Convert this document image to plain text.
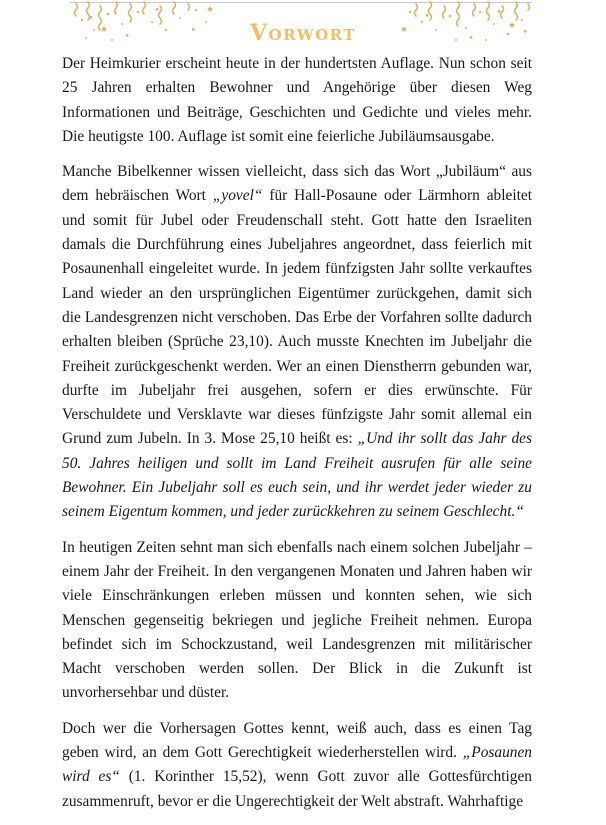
Vorwort

Der Heimkurier erscheint heute in der hundertsten Auflage. Nun schon seit 25 Jahren erhalten Bewohner und Angehörige über diesen Weg Informationen und Beiträge, Geschichten und Gedichte und vieles mehr. Die heutigste 100. Auflage ist somit eine feierliche Jubiläumsausgabe.

Manche Bibelkenner wissen vielleicht, dass sich das Wort „Jubiläum“ aus dem hebräischen Wort „yovel“ für Hall-Posaune oder Lärmhorn ableitet und somit für Jubel oder Freudenschall steht. Gott hatte den Israeliten damals die Durchführung eines Jubeljahres angeordnet, dass feierlich mit Posaunenhall eingeleitet wurde. In jedem fünfzigsten Jahr sollte verkauftes Land wieder an den ursprünglichen Eigentümer zurückgehen, damit sich die Landesgrenzen nicht verschoben. Das Erbe der Vorfahren sollte dadurch erhalten bleiben (Sprüche 23,10). Auch musste Knechten im Jubeljahr die Freiheit zurückgeschenkt werden. Wer an einen Dienstherrn gebunden war, durfte im Jubeljahr frei ausgehen, sofern er dies erwünschte. Für Verschuldete und Versklavte war dieses fünfzigste Jahr somit allemal ein Grund zum Jubeln. In 3. Mose 25,10 heißt es: „Und ihr sollt das Jahr des 50. Jahres heiligen und sollt im Land Freiheit ausrufen für alle seine Bewohner. Ein Jubeljahr soll es euch sein, und ihr werdet jeder wieder zu seinem Eigentum kommen, und jeder zurückkehren zu seinem Geschlecht.“

In heutigen Zeiten sehnt man sich ebenfalls nach einem solchen Jubeljahr – einem Jahr der Freiheit. In den vergangenen Monaten und Jahren haben wir viele Einschränkungen erleben müssen und konnten sehen, wie sich Menschen gegenseitig bekriegen und jegliche Freiheit nehmen. Europa befindet sich im Schockzustand, weil Landesgrenzen mit militärischer Macht verschoben werden sollen. Der Blick in die Zukunft ist unvorhersehbar und düster.

Doch wer die Vorhersagen Gottes kennt, weiß auch, dass es einen Tag geben wird, an dem Gott Gerechtigkeit wiederherstellen wird. „Posaunen wird es“ (1. Korinther 15,52), wenn Gott zuvor alle Gottesfürchtigen zusammenruft, bevor er die Ungerechtigkeit der Welt abstraft. Wahrhaftige
